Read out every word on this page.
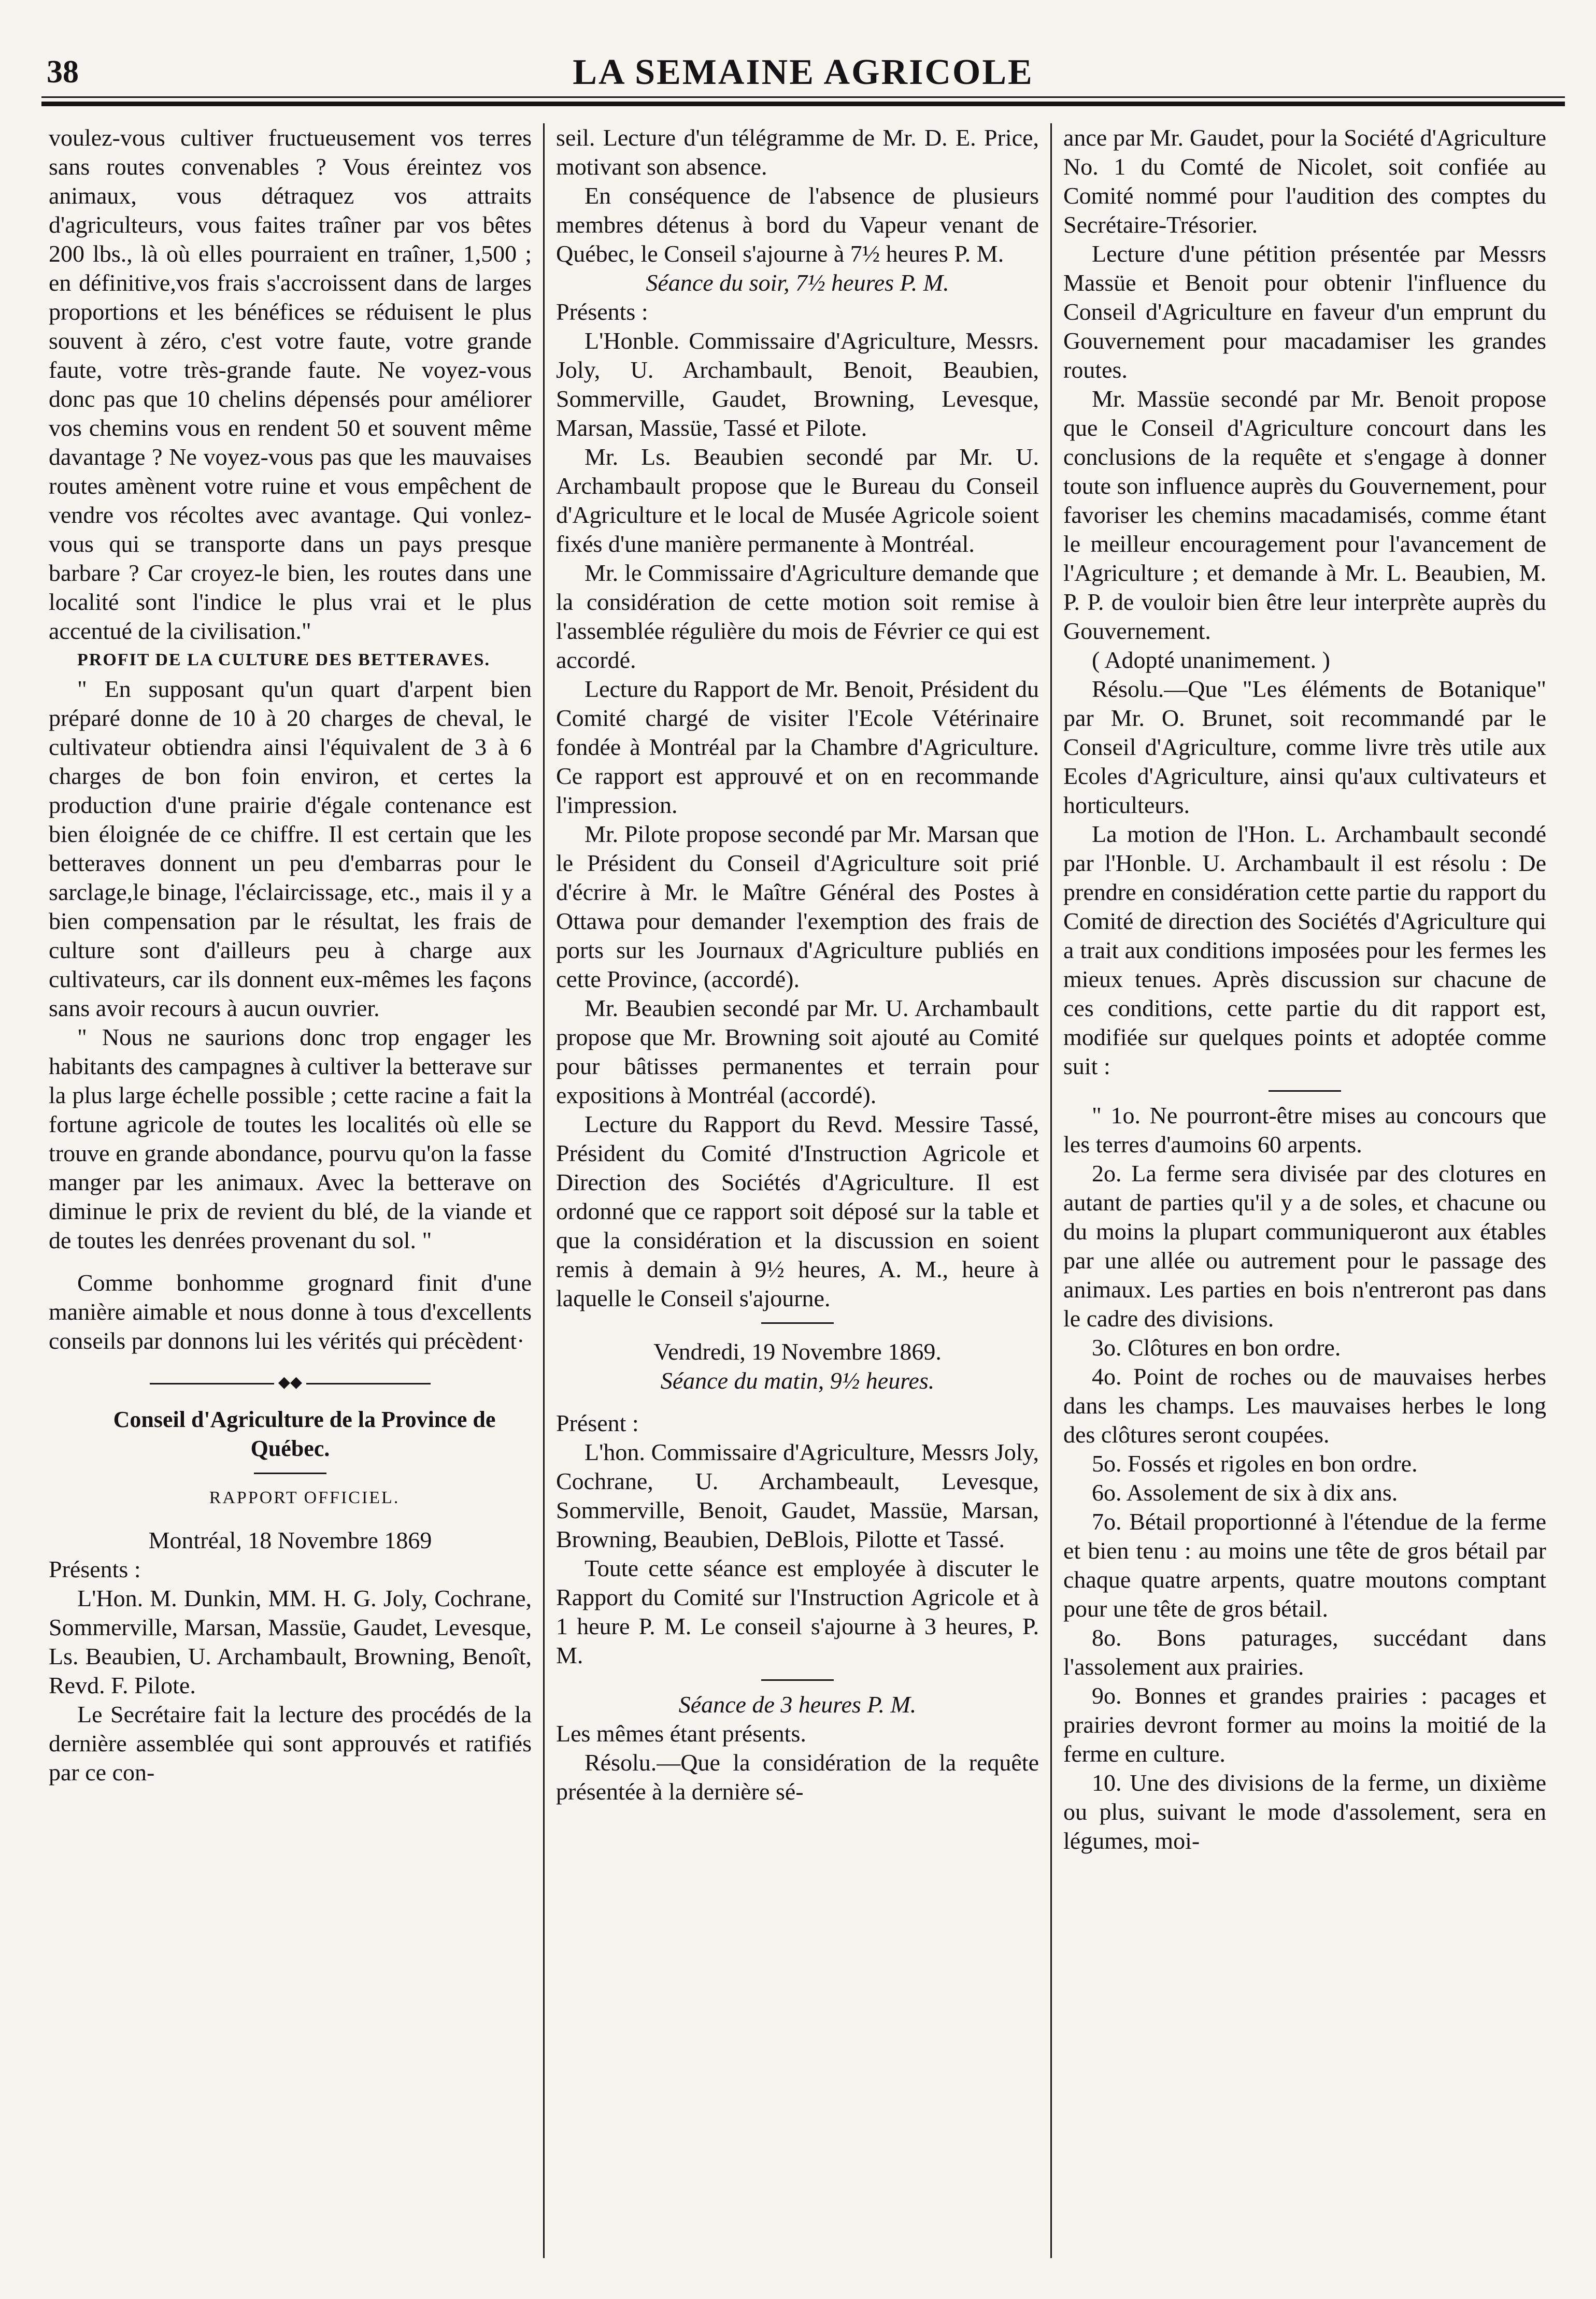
38	LA SEMAINE AGRICOLE

voulez-vous cultiver fructueusement vos terres sans routes convenables ? Vous éreintez vos animaux, vous détraquez vos attraits d'agriculteurs, vous faites traîner par vos bêtes 200 lbs., là où elles pourraient en traîner, 1,500 ; en définitive,vos frais s'accroissent dans de larges proportions et les bénéfices se réduisent le plus souvent à zéro, c'est votre faute, votre grande faute, votre très-grande faute. Ne voyez-vous donc pas que 10 chelins dépensés pour améliorer vos chemins vous en rendent 50 et souvent même davantage ? Ne voyez-vous pas que les mauvaises routes amènent votre ruine et vous empêchent de vendre vos récoltes avec avantage. Qui vonlez-vous qui se transporte dans un pays presque barbare ? Car croyez-le bien, les routes dans une localité sont l'indice le plus vrai et le plus accentué de la civilisation."

PROFIT DE LA CULTURE DES BETTERAVES.

" En supposant qu'un quart d'arpent bien préparé donne de 10 à 20 charges de cheval, le cultivateur obtiendra ainsi l'équivalent de 3 à 6 charges de bon foin environ, et certes la production d'une prairie d'égale contenance est bien éloignée de ce chiffre. Il est certain que les betteraves donnent un peu d'embarras pour le sarclage,le binage, l'éclaircissage, etc., mais il y a bien compensation par le résultat, les frais de culture sont d'ailleurs peu à charge aux cultivateurs, car ils donnent eux-mêmes les façons sans avoir recours à aucun ouvrier.

" Nous ne saurions donc trop engager les habitants des campagnes à cultiver la betterave sur la plus large échelle possible ; cette racine a fait la fortune agricole de toutes les localités où elle se trouve en grande abondance, pourvu qu'on la fasse manger par les animaux. Avec la betterave on diminue le prix de revient du blé, de la viande et de toutes les denrées provenant du sol. "

Comme bonhomme grognard finit d'une manière aimable et nous donne à tous d'excellents conseils par donnons lui les vérités qui précèdent·

◆◆

Conseil d'Agriculture de la Province de Québec.

RAPPORT OFFICIEL.

Montréal, 18 Novembre 1869

Présents :

L'Hon. M. Dunkin, MM. H. G. Joly, Cochrane, Sommerville, Marsan, Massüe, Gaudet, Levesque, Ls. Beaubien, U. Archambault, Browning, Benoît, Revd. F. Pilote.

Le Secrétaire fait la lecture des procédés de la dernière assemblée qui sont approuvés et ratifiés par ce con-

seil. Lecture d'un télégramme de Mr. D. E. Price, motivant son absence.

En conséquence de l'absence de plusieurs membres détenus à bord du Vapeur venant de Québec, le Conseil s'ajourne à 7½ heures P. M.

Séance du soir, 7½ heures P. M.

Présents :

L'Honble. Commissaire d'Agriculture, Messrs. Joly, U. Archambault, Benoit, Beaubien, Sommerville, Gaudet, Browning, Levesque, Marsan, Massüe, Tassé et Pilote.

Mr. Ls. Beaubien secondé par Mr. U. Archambault propose que le Bureau du Conseil d'Agriculture et le local de Musée Agricole soient fixés d'une manière permanente à Montréal.

Mr. le Commissaire d'Agriculture demande que la considération de cette motion soit remise à l'assemblée régulière du mois de Février ce qui est accordé.

Lecture du Rapport de Mr. Benoit, Président du Comité chargé de visiter l'Ecole Vétérinaire fondée à Montréal par la Chambre d'Agriculture. Ce rapport est approuvé et on en recommande l'impression.

Mr. Pilote propose secondé par Mr. Marsan que le Président du Conseil d'Agriculture soit prié d'écrire à Mr. le Maître Général des Postes à Ottawa pour demander l'exemption des frais de ports sur les Journaux d'Agriculture publiés en cette Province, (accordé).

Mr. Beaubien secondé par Mr. U. Archambault propose que Mr. Browning soit ajouté au Comité pour bâtisses permanentes et terrain pour expositions à Montréal (accordé).

Lecture du Rapport du Revd. Messire Tassé, Président du Comité d'Instruction Agricole et Direction des Sociétés d'Agriculture. Il est ordonné que ce rapport soit déposé sur la table et que la considération et la discussion en soient remis à demain à 9½ heures, A. M., heure à laquelle le Conseil s'ajourne.

Vendredi, 19 Novembre 1869.

Séance du matin, 9½ heures.

Présent :

L'hon. Commissaire d'Agriculture, Messrs Joly, Cochrane, U. Archambeault, Levesque, Sommerville, Benoit, Gaudet, Massüe, Marsan, Browning, Beaubien, DeBlois, Pilotte et Tassé.

Toute cette séance est employée à discuter le Rapport du Comité sur l'Instruction Agricole et à 1 heure P. M. Le conseil s'ajourne à 3 heures, P. M.

Séance de 3 heures P. M.

Les mêmes étant présents.

Résolu.—Que la considération de la requête présentée à la dernière sé-

ance par Mr. Gaudet, pour la Société d'Agriculture No. 1 du Comté de Nicolet, soit confiée au Comité nommé pour l'audition des comptes du Secrétaire-Trésorier.

Lecture d'une pétition présentée par Messrs Massüe et Benoit pour obtenir l'influence du Conseil d'Agriculture en faveur d'un emprunt du Gouvernement pour macadamiser les grandes routes.

Mr. Massüe secondé par Mr. Benoit propose que le Conseil d'Agriculture concourt dans les conclusions de la requête et s'engage à donner toute son influence auprès du Gouvernement, pour favoriser les chemins macadamisés, comme étant le meilleur encouragement pour l'avancement de l'Agriculture ; et demande à Mr. L. Beaubien, M. P. P. de vouloir bien être leur interprète auprès du Gouvernement.

( Adopté unanimement. )

Résolu.—Que "Les éléments de Botanique" par Mr. O. Brunet, soit recommandé par le Conseil d'Agriculture, comme livre très utile aux Ecoles d'Agriculture, ainsi qu'aux cultivateurs et horticulteurs.

La motion de l'Hon. L. Archambault secondé par l'Honble. U. Archambault il est résolu : De prendre en considération cette partie du rapport du Comité de direction des Sociétés d'Agriculture qui a trait aux conditions imposées pour les fermes les mieux tenues. Après discussion sur chacune de ces conditions, cette partie du dit rapport est, modifiée sur quelques points et adoptée comme suit :

" 1o. Ne pourront-être mises au concours que les terres d'aumoins 60 arpents.

2o. La ferme sera divisée par des clotures en autant de parties qu'il y a de soles, et chacune ou du moins la plupart communiqueront aux étables par une allée ou autrement pour le passage des animaux. Les parties en bois n'entreront pas dans le cadre des divisions.

3o. Clôtures en bon ordre.

4o. Point de roches ou de mauvaises herbes dans les champs. Les mauvaises herbes le long des clôtures seront coupées.

5o. Fossés et rigoles en bon ordre.

6o. Assolement de six à dix ans.

7o. Bétail proportionné à l'étendue de la ferme et bien tenu : au moins une tête de gros bétail par chaque quatre arpents, quatre moutons comptant pour une tête de gros bétail.

8o. Bons paturages, succédant dans l'assolement aux prairies.

9o. Bonnes et grandes prairies : pacages et prairies devront former au moins la moitié de la ferme en culture.

10. Une des divisions de la ferme, un dixième ou plus, suivant le mode d'assolement, sera en légumes, moi-
